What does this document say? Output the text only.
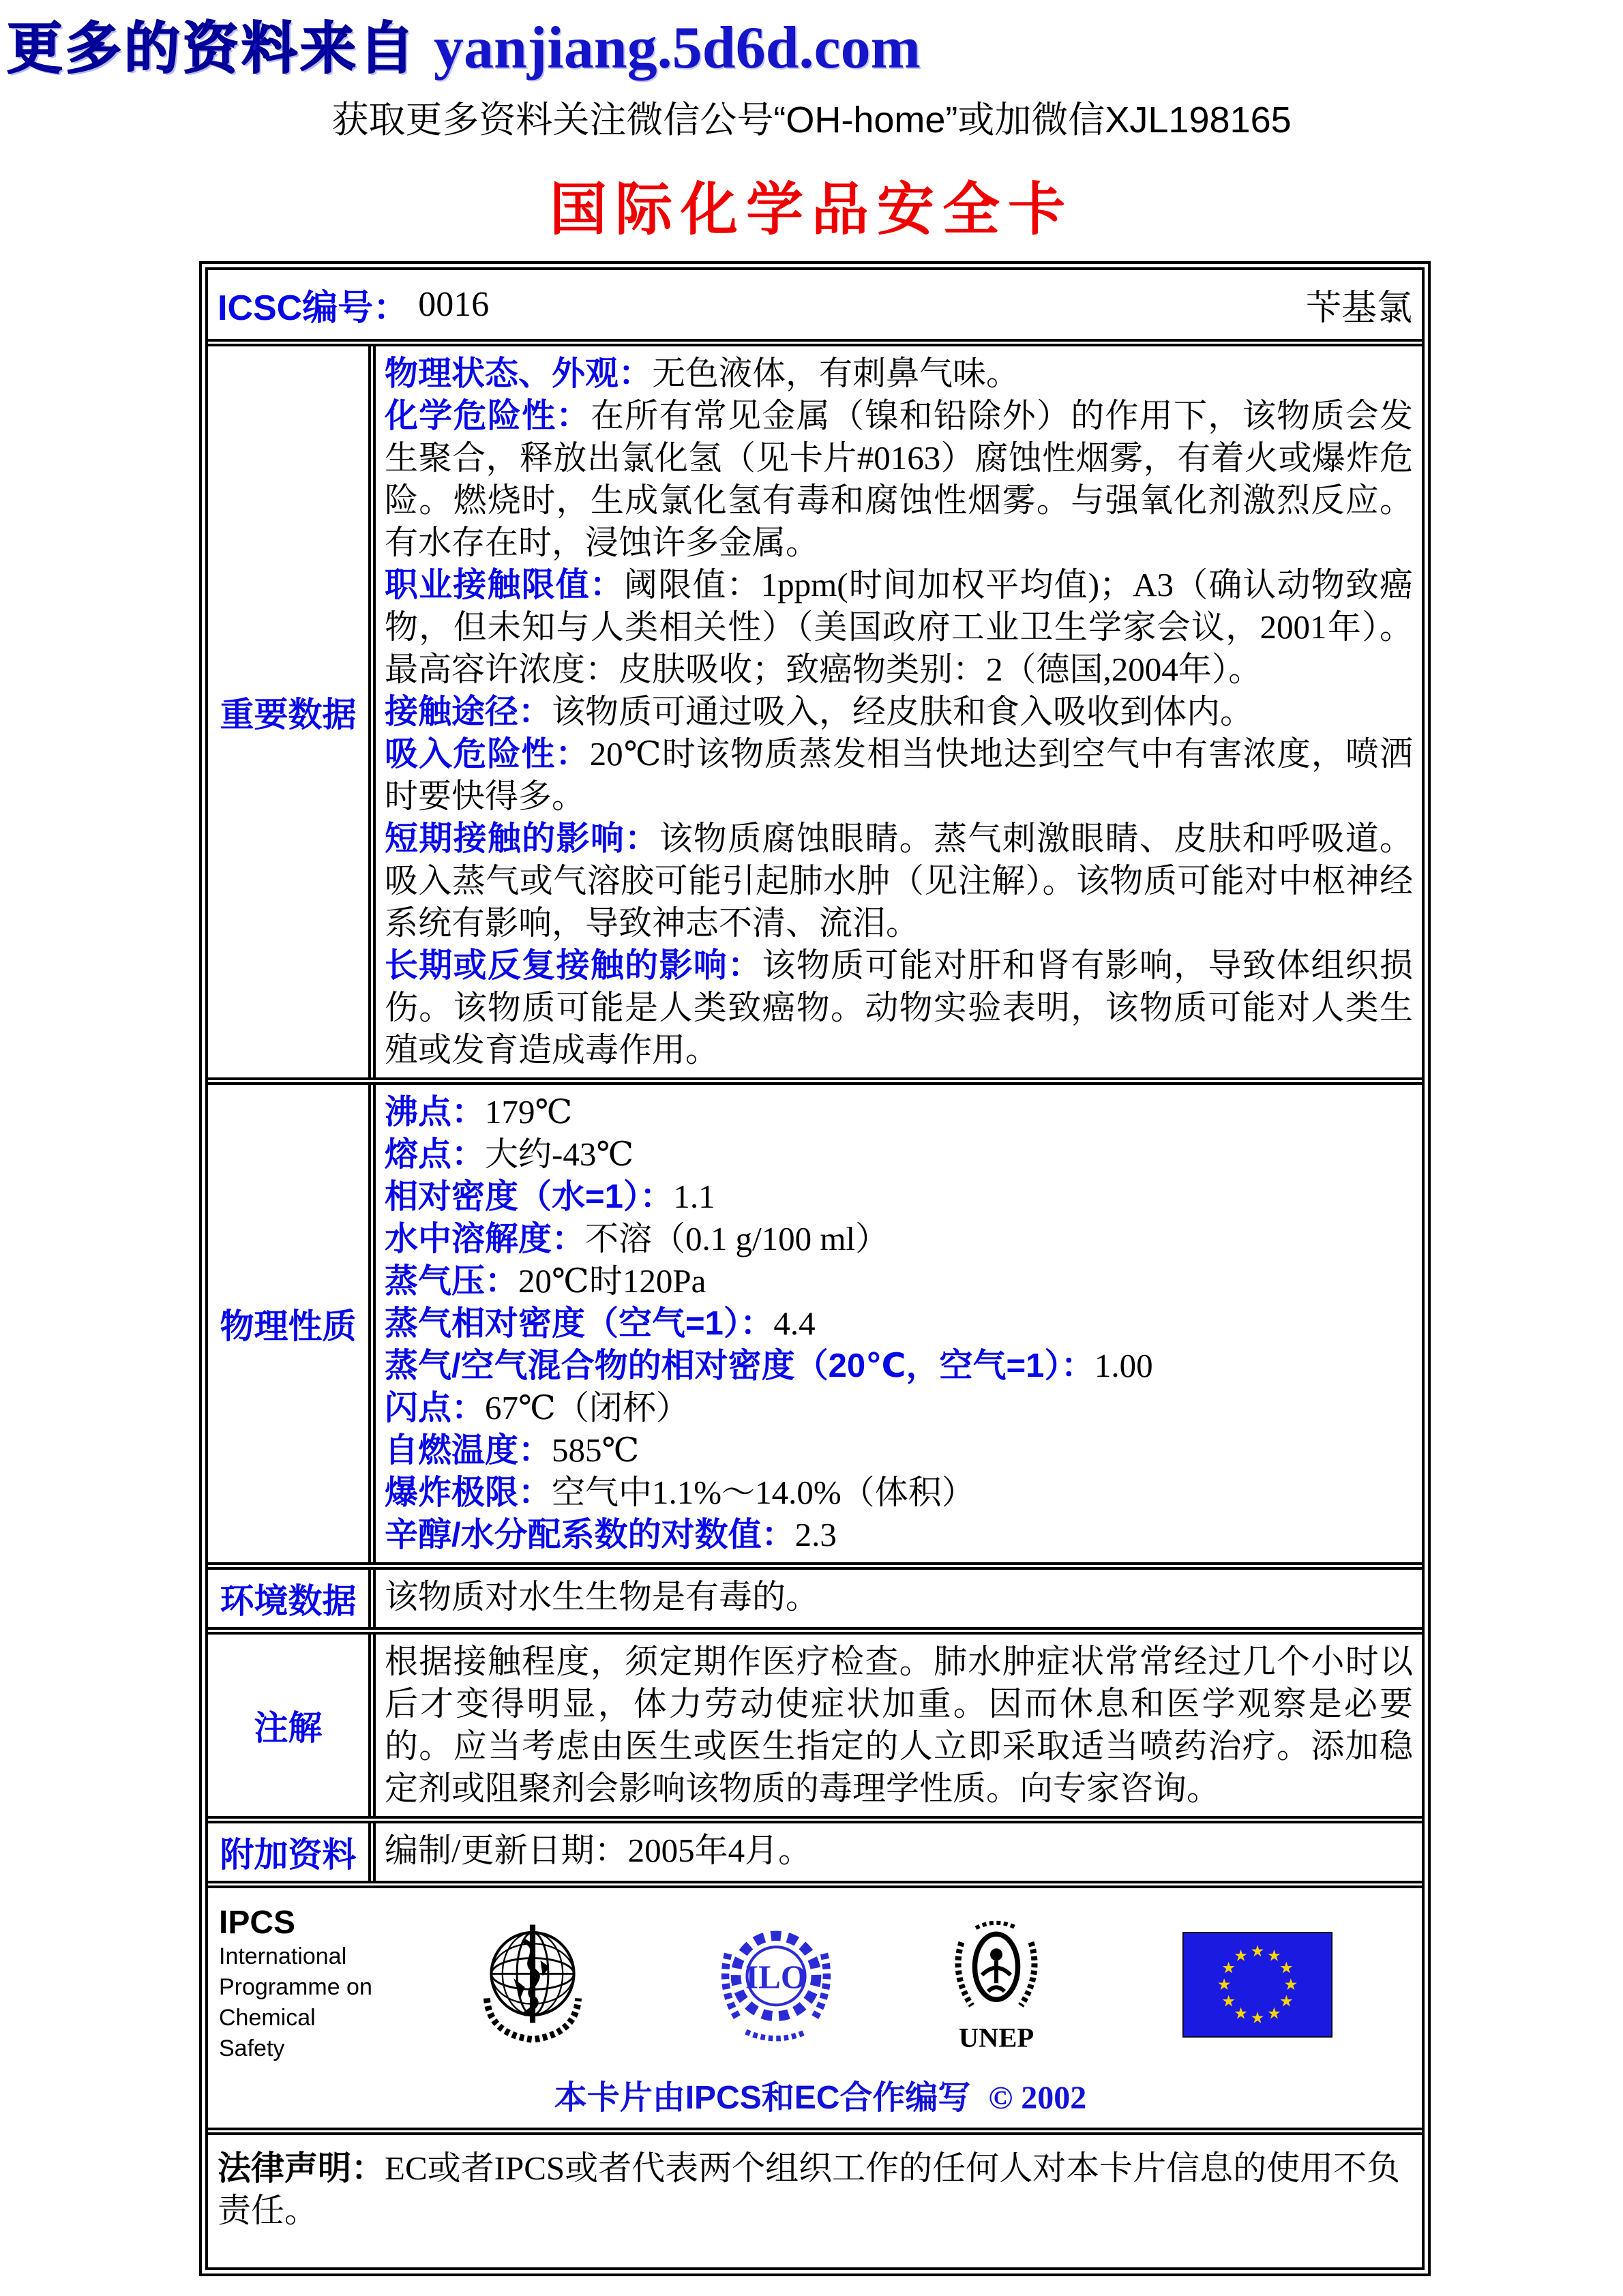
更多的资料来自 yanjiang.5d6d.com
获取更多资料关注微信公号“OH-home”或加微信XJL198165
国际化学品安全卡
ICSC编号： 0016	苄基氯
重要数据

物理状态、外观：无色液体，有刺鼻气味。

化学危险性：在所有常见金属（镍和铅除外）的作用下，该物质会发生聚合，释放出氯化氢（见卡片#0163）腐蚀性烟雾，有着火或爆炸危险。燃烧时，生成氯化氢有毒和腐蚀性烟雾。与强氧化剂激烈反应。有水存在时，浸蚀许多金属。

职业接触限值：阈限值：1ppm(时间加权平均值)；A3（确认动物致癌物，但未知与人类相关性）（美国政府工业卫生学家会议，2001年）。最高容许浓度：皮肤吸收；致癌物类别：2（德国,2004年）。

接触途径：该物质可通过吸入，经皮肤和食入吸收到体内。

吸入危险性：20℃时该物质蒸发相当快地达到空气中有害浓度，喷洒时要快得多。

短期接触的影响：该物质腐蚀眼睛。蒸气刺激眼睛、皮肤和呼吸道。吸入蒸气或气溶胶可能引起肺水肿（见注解）。该物质可能对中枢神经系统有影响，导致神志不清、流泪。

长期或反复接触的影响：该物质可能对肝和肾有影响，导致体组织损伤。该物质可能是人类致癌物。动物实验表明，该物质可能对人类生殖或发育造成毒作用。

物理性质

沸点：179℃

熔点：大约-43℃

相对密度（水=1）：1.1

水中溶解度：不溶（0.1 g/100 ml）

蒸气压：20℃时120Pa

蒸气相对密度（空气=1）：4.4

蒸气/空气混合物的相对密度（20℃，空气=1）：1.00

闪点：67℃（闭杯）

自燃温度：585℃

爆炸极限：空气中1.1%～14.0%（体积）

辛醇/水分配系数的对数值：2.3

环境数据 该物质对水生生物是有毒的。

注解

根据接触程度，须定期作医疗检查。肺水肿症状常常经过几个小时以后才变得明显，体力劳动使症状加重。因而休息和医学观察是必要的。应当考虑由医生或医生指定的人立即采取适当喷药治疗。添加稳定剂或阻聚剂会影响该物质的毒理学性质。向专家咨询。

附加资料 编制/更新日期：2005年4月。

IPCS
International
Programme on
Chemical Safety
ILO
UNEP
本卡片由IPCS和EC合作编写 © 2002
法律声明：EC或者IPCS或者代表两个组织工作的任何人对本卡片信息的使用不负责任。
